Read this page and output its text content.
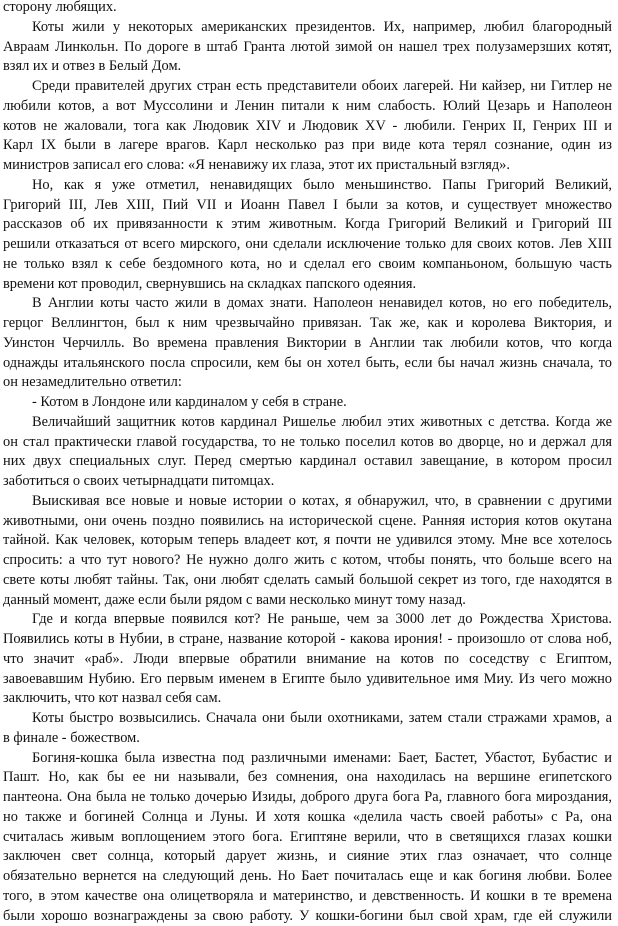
сторону любящих.
Коты жили у некоторых американских президентов. Их, например, любил благородный
Авраам Линкольн. По дороге в штаб Гранта лютой зимой он нашел трех полузамерзших котят,
взял их и отвез в Белый Дом.
Среди правителей других стран есть представители обоих лагерей. Ни кайзер, ни Гитлер не
любили котов, а вот Муссолини и Ленин питали к ним слабость. Юлий Цезарь и Наполеон
котов не жаловали, тога как Людовик XIV и Людовик XV - любили. Генрих II, Генрих III и
Карл IX были в лагере врагов. Карл несколько раз при виде кота терял сознание, один из
министров записал его слова: «Я ненавижу их глаза, этот их пристальный взгляд».
Но, как я уже отметил, ненавидящих было меньшинство. Папы Григорий Великий,
Григорий III, Лев XIII, Пий VII и Иоанн Павел I были за котов, и существует множество
рассказов об их привязанности к этим животным. Когда Григорий Великий и Григорий III
решили отказаться от всего мирского, они сделали исключение только для своих котов. Лев XIII
не только взял к себе бездомного кота, но и сделал его своим компаньоном, большую часть
времени кот проводил, свернувшись на складках папского одеяния.
В Англии коты часто жили в домах знати. Наполеон ненавидел котов, но его победитель,
герцог Веллингтон, был к ним чрезвычайно привязан. Так же, как и королева Виктория, и
Уинстон Черчилль. Во времена правления Виктории в Англии так любили котов, что когда
однажды итальянского посла спросили, кем бы он хотел быть, если бы начал жизнь сначала, то
он незамедлительно ответил:
- Котом в Лондоне или кардиналом у себя в стране.
Величайший защитник котов кардинал Ришелье любил этих животных с детства. Когда же
он стал практически главой государства, то не только поселил котов во дворце, но и держал для
них двух специальных слуг. Перед смертью кардинал оставил завещание, в котором просил
заботиться о своих четырнадцати питомцах.
Выискивая все новые и новые истории о котах, я обнаружил, что, в сравнении с другими
животными, они очень поздно появились на исторической сцене. Ранняя история котов окутана
тайной. Как человек, которым теперь владеет кот, я почти не удивился этому. Мне все хотелось
спросить: а что тут нового? Не нужно долго жить с котом, чтобы понять, что больше всего на
свете коты любят тайны. Так, они любят сделать самый большой секрет из того, где находятся в
данный момент, даже если были рядом с вами несколько минут тому назад.
Где и когда впервые появился кот? Не раньше, чем за 3000 лет до Рождества Христова.
Появились коты в Нубии, в стране, название которой - какова ирония! - произошло от слова ноб,
что значит «раб». Люди впервые обратили внимание на котов по соседству с Египтом,
завоевавшим Нубию. Его первым именем в Египте было удивительное имя Миу. Из чего можно
заключить, что кот назвал себя сам.
Коты быстро возвысились. Сначала они были охотниками, затем стали стражами храмов, а
в финале - божеством.
Богиня-кошка была известна под различными именами: Бает, Бастет, Убастот, Бубастис и
Пашт. Но, как бы ее ни называли, без сомнения, она находилась на вершине египетского
пантеона. Она была не только дочерью Изиды, доброго друга бога Ра, главного бога мироздания,
но также и богиней Солнца и Луны. И хотя кошка «делила часть своей работы» с Ра, она
считалась живым воплощением этого бога. Египтяне верили, что в светящихся глазах кошки
заключен свет солнца, который дарует жизнь, и сияние этих глаз означает, что солнце
обязательно вернется на следующий день. Но Бает почиталась еще и как богиня любви. Более
того, в этом качестве она олицетворяла и материнство, и девственность. И кошки в те времена
были хорошо вознаграждены за свою работу. У кошки-богини был свой храм, где ей служили
